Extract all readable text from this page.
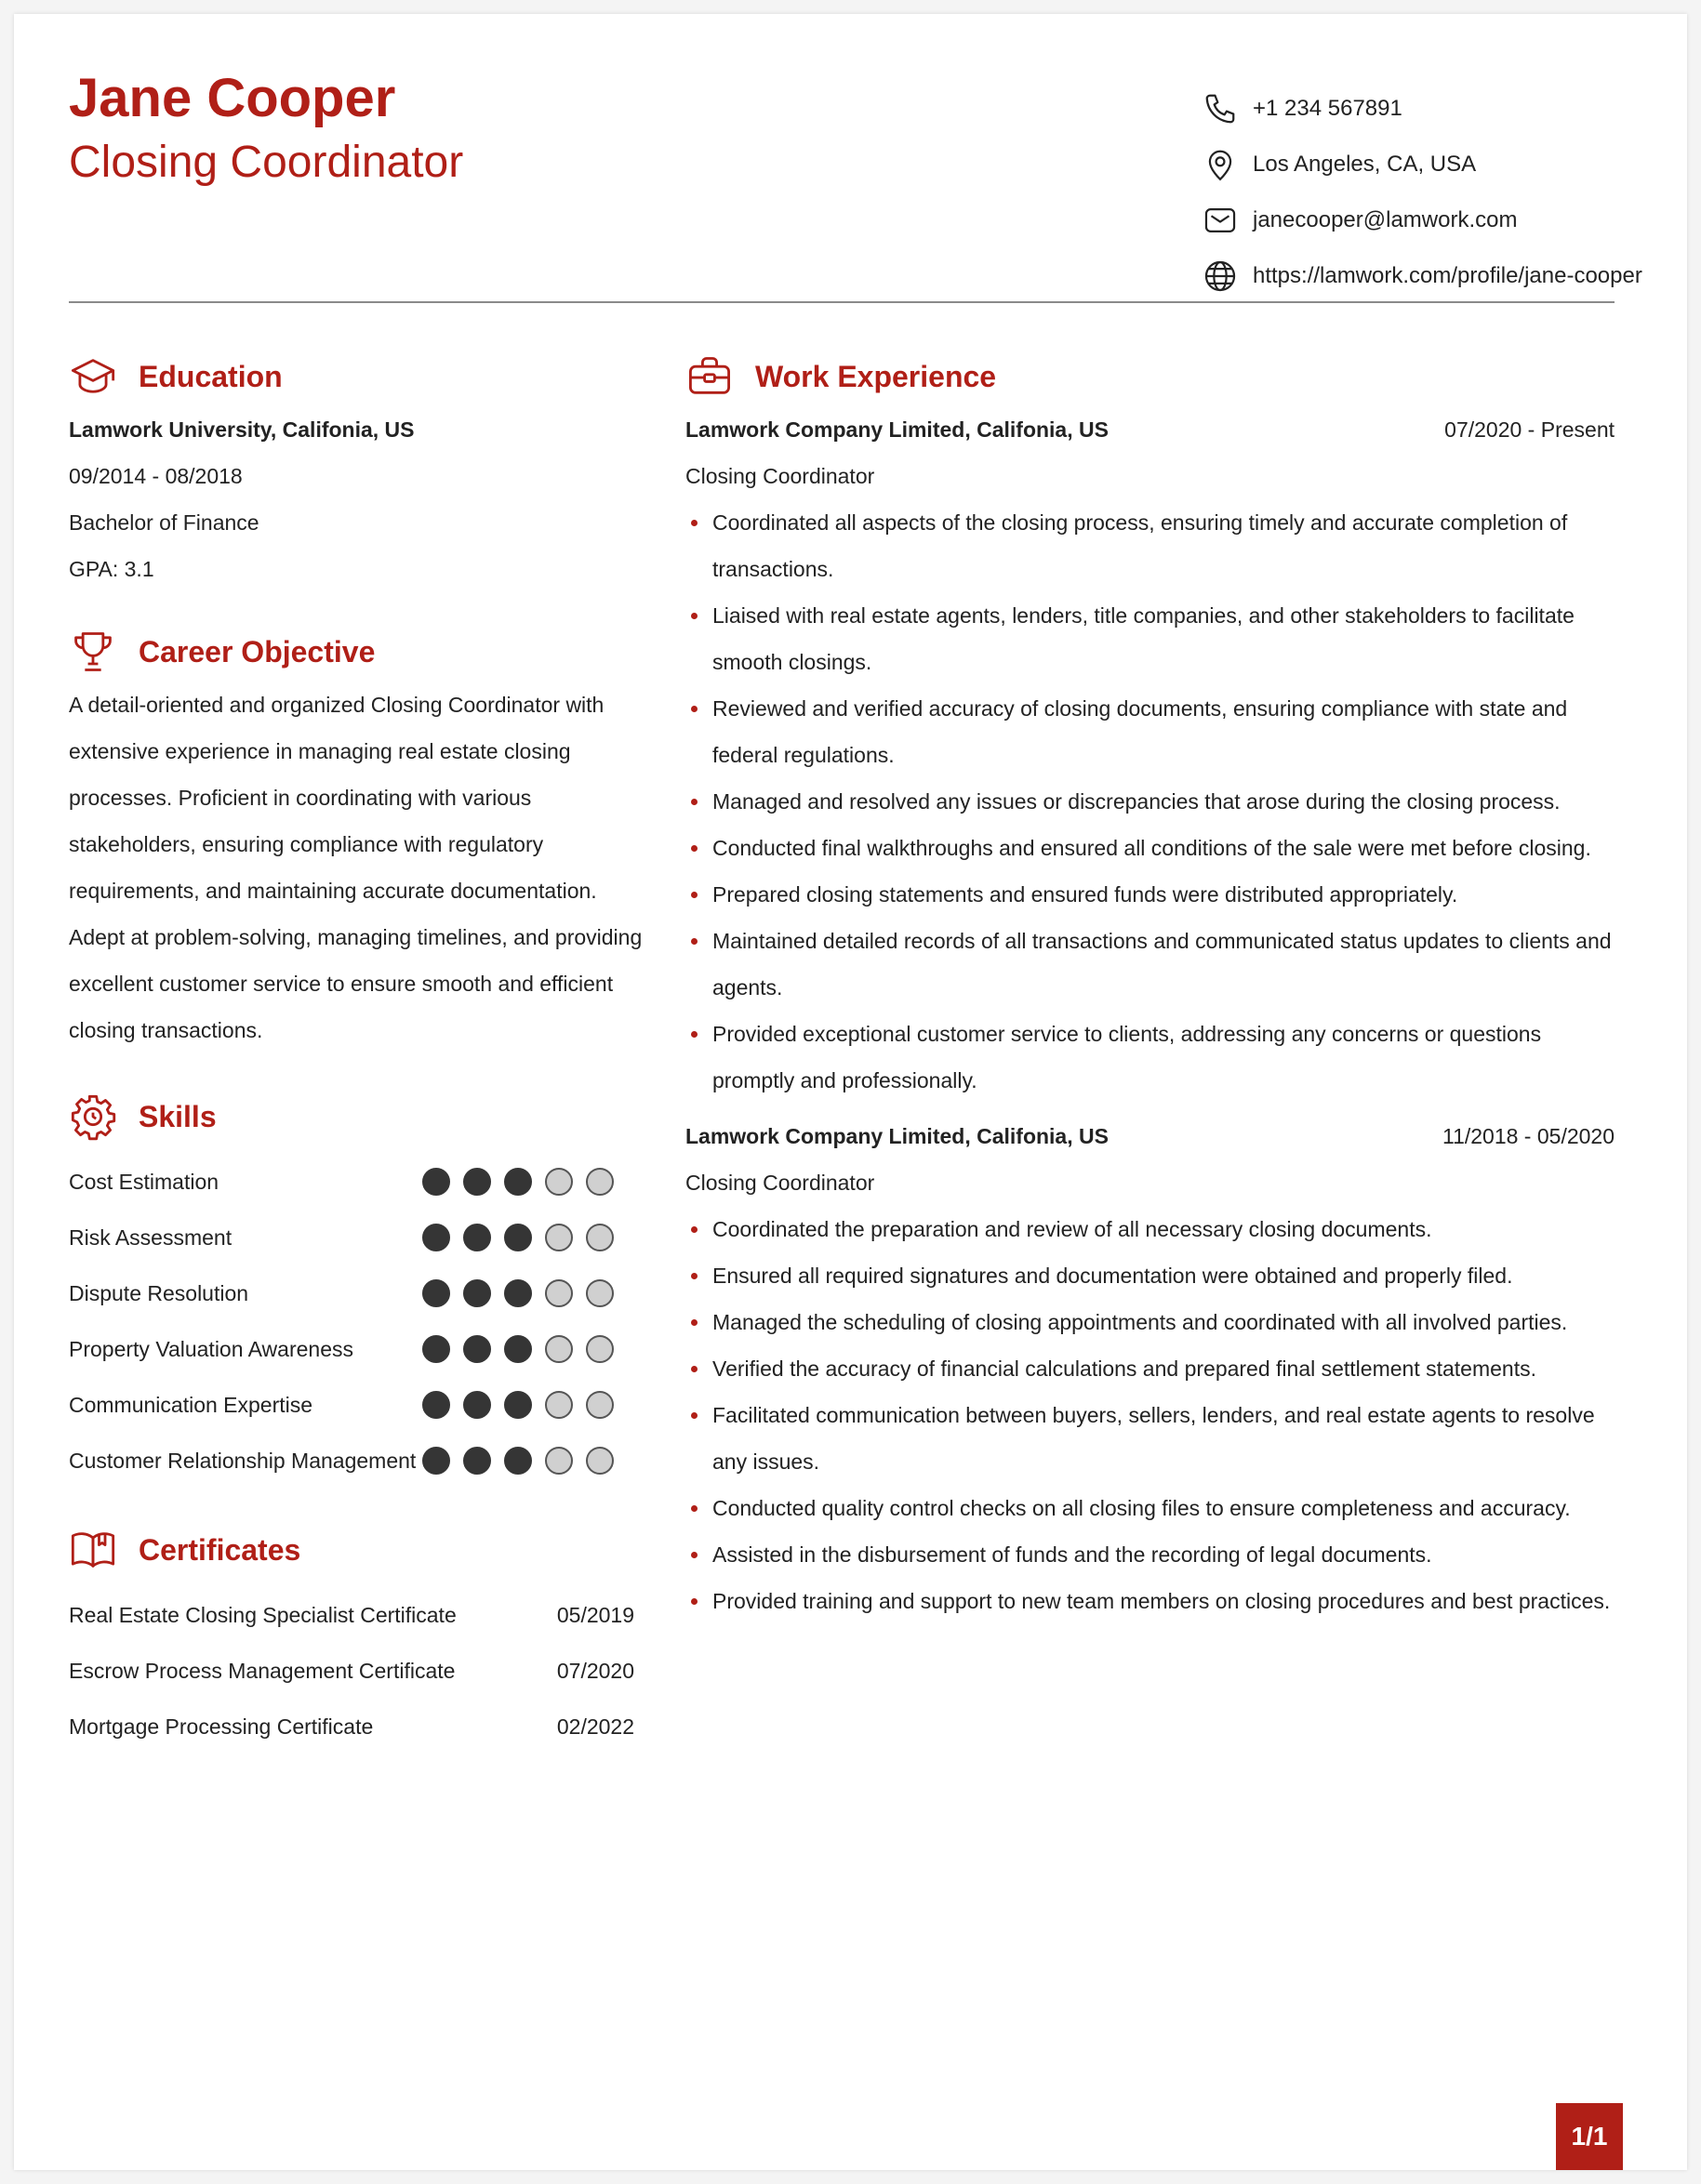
Jane Cooper
Closing Coordinator
+1 234 567891
Los Angeles, CA, USA
janecooper@lamwork.com
https://lamwork.com/profile/jane-cooper
Education
Lamwork University, Califonia, US
09/2014 - 08/2018
Bachelor of Finance
GPA: 3.1
Career Objective
A detail-oriented and organized Closing Coordinator with extensive experience in managing real estate closing processes. Proficient in coordinating with various stakeholders, ensuring compliance with regulatory requirements, and maintaining accurate documentation. Adept at problem-solving, managing timelines, and providing excellent customer service to ensure smooth and efficient closing transactions.
Skills
Cost Estimation
Risk Assessment
Dispute Resolution
Property Valuation Awareness
Communication Expertise
Customer Relationship Management
Certificates
Real Estate Closing Specialist Certificate	05/2019
Escrow Process Management Certificate	07/2020
Mortgage Processing Certificate	02/2022
Work Experience
Lamwork Company Limited, Califonia, US	07/2020 - Present
Closing Coordinator
Coordinated all aspects of the closing process, ensuring timely and accurate completion of transactions.
Liaised with real estate agents, lenders, title companies, and other stakeholders to facilitate smooth closings.
Reviewed and verified accuracy of closing documents, ensuring compliance with state and federal regulations.
Managed and resolved any issues or discrepancies that arose during the closing process.
Conducted final walkthroughs and ensured all conditions of the sale were met before closing.
Prepared closing statements and ensured funds were distributed appropriately.
Maintained detailed records of all transactions and communicated status updates to clients and agents.
Provided exceptional customer service to clients, addressing any concerns or questions promptly and professionally.
Lamwork Company Limited, Califonia, US	11/2018 - 05/2020
Closing Coordinator
Coordinated the preparation and review of all necessary closing documents.
Ensured all required signatures and documentation were obtained and properly filed.
Managed the scheduling of closing appointments and coordinated with all involved parties.
Verified the accuracy of financial calculations and prepared final settlement statements.
Facilitated communication between buyers, sellers, lenders, and real estate agents to resolve any issues.
Conducted quality control checks on all closing files to ensure completeness and accuracy.
Assisted in the disbursement of funds and the recording of legal documents.
Provided training and support to new team members on closing procedures and best practices.
1/1
